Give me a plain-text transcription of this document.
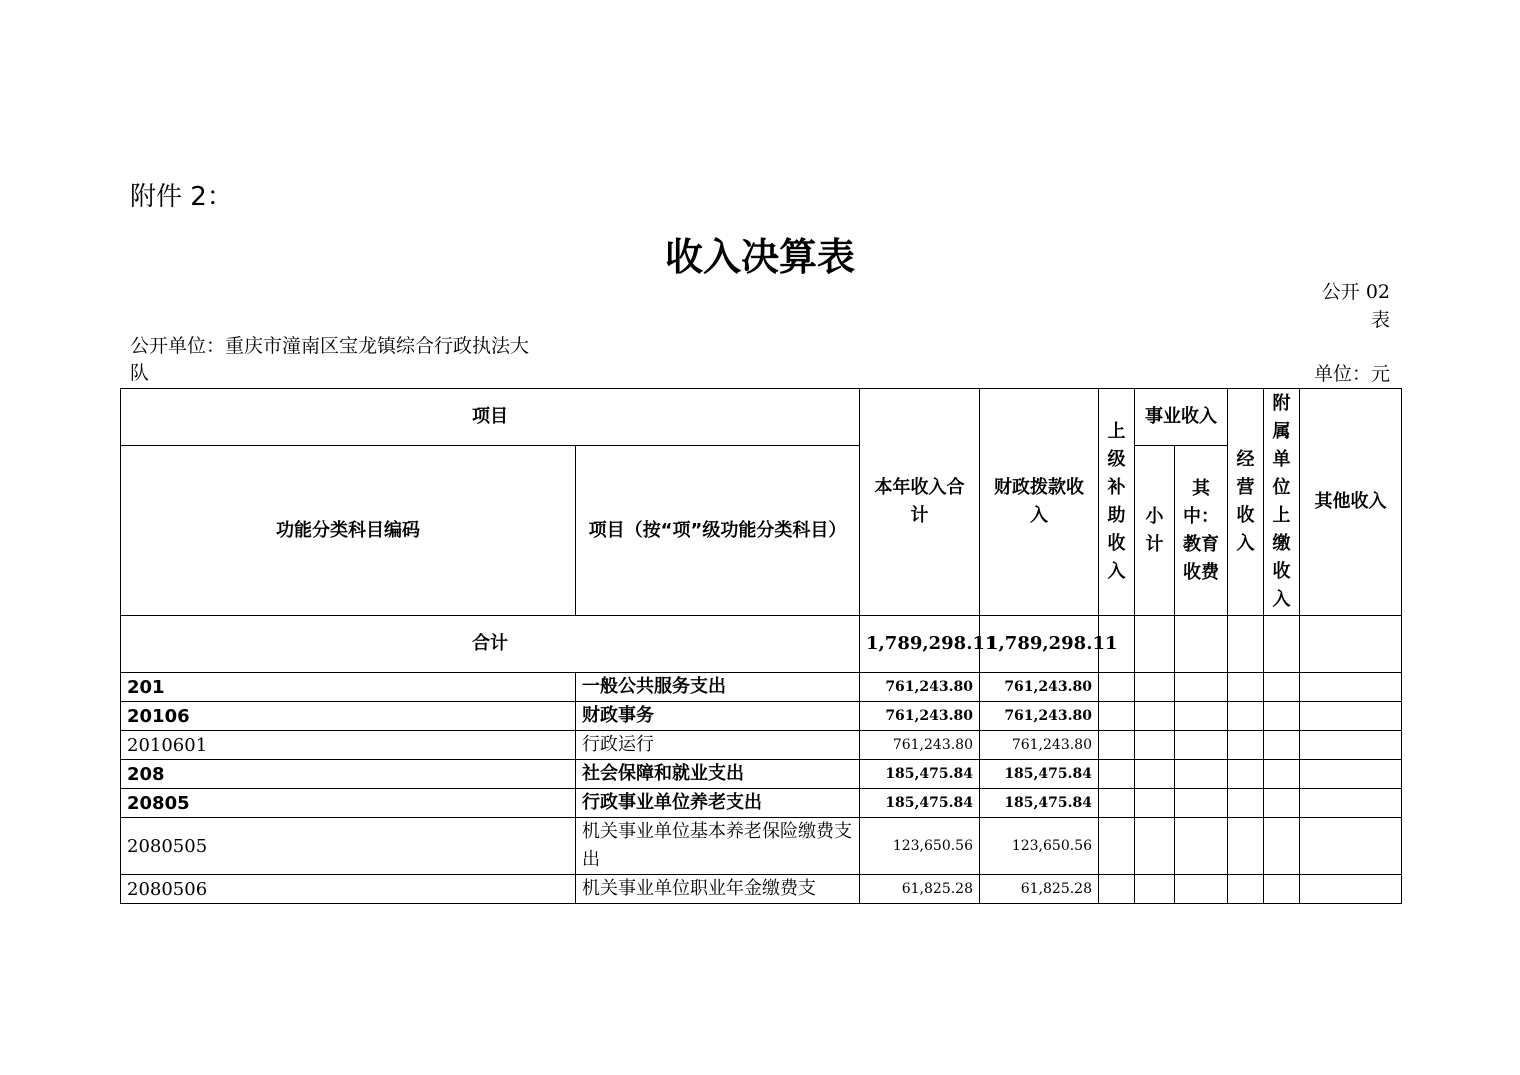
附件 2：
收入决算表
公开 02 表
公开单位：重庆市潼南区宝龙镇综合行政执法大队	单位：元
项目		本年收入合计	财政拨款收入	上级补助收入	事业收入		经营收入	附属单位上缴收入	其他收入
功能分类科目编码	项目（按“项”级功能分类科目）				小计	其中：教育收费			
合计		1,789,298.11	1,789,298.11						
201	一般公共服务支出	761,243.80	761,243.80						
20106	财政事务	761,243.80	761,243.80						
2010601	行政运行	761,243.80	761,243.80						
208	社会保障和就业支出	185,475.84	185,475.84						
20805	行政事业单位养老支出	185,475.84	185,475.84						
2080505	机关事业单位基本养老保险缴费支出	123,650.56	123,650.56						
2080506	机关事业单位职业年金缴费支	61,825.28	61,825.28						
